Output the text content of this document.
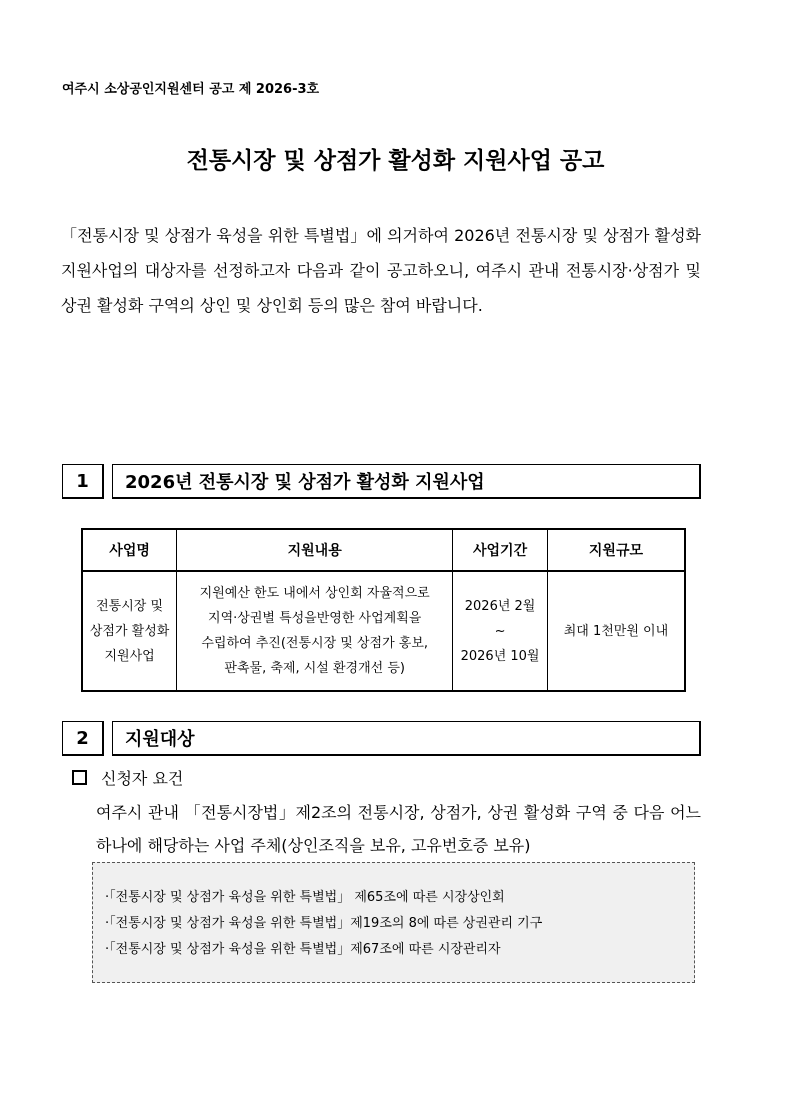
여주시 소상공인지원센터 공고 제 2026-3호
전통시장 및 상점가 활성화 지원사업 공고
「전통시장 및 상점가 육성을 위한 특별법」에 의거하여 2026년 전통시장 및 상점가 활성화 지원사업의 대상자를 선정하고자 다음과 같이 공고하오니, 여주시 관내 전통시장·상점가 및 상권 활성화 구역의 상인 및 상인회 등의 많은 참여 바랍니다.
1	2026년 전통시장 및 상점가 활성화 지원사업
사업명	지원내용	사업기간	지원규모
전통시장 및
상점가 활성화
지원사업	지원예산 한도 내에서 상인회 자율적으로
지역·상권별 특성을반영한 사업계획을
수립하여 추진(전통시장 및 상점가 홍보,
판촉물, 축제, 시설 환경개선 등)	2026년 2월
~
2026년 10월	최대 1천만원 이내
2	지원대상
신청자 요건
여주시 관내 「전통시장법」제2조의 전통시장, 상점가, 상권 활성화 구역 중 다음 어느 하나에 해당하는 사업 주체(상인조직을 보유, 고유번호증 보유)
·「전통시장 및 상점가 육성을 위한 특별법」 제65조에 따른 시장상인회
·「전통시장 및 상점가 육성을 위한 특별법」제19조의 8에 따른 상권관리 기구
·「전통시장 및 상점가 육성을 위한 특별법」제67조에 따른 시장관리자
